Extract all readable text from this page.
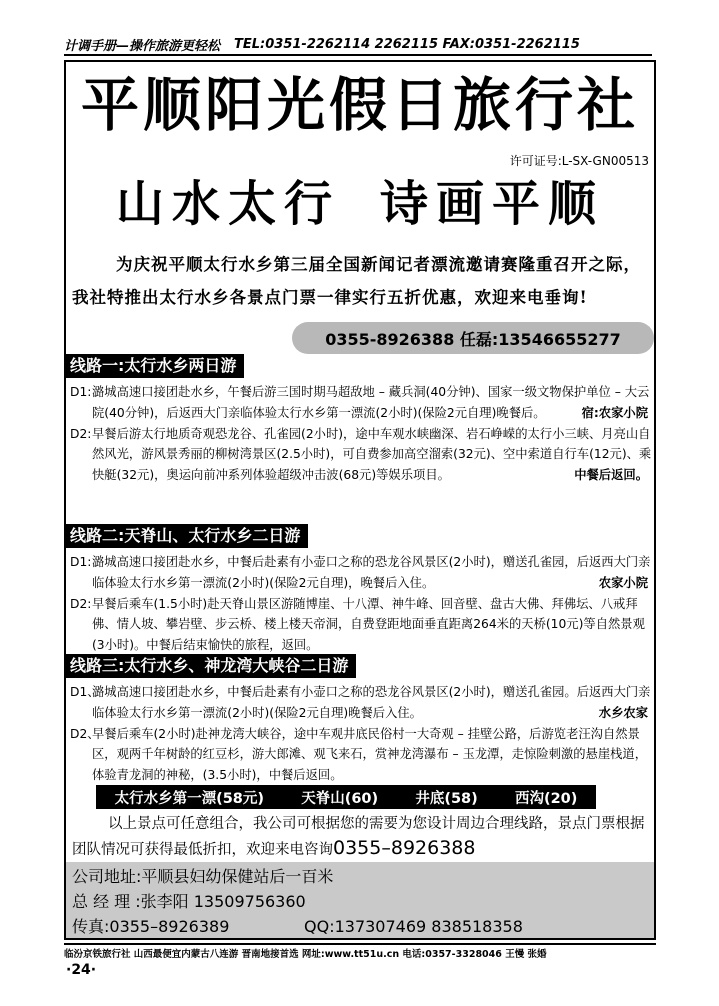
计调手册—操作旅游更轻松 TEL:0351-2262114 2262115 FAX:0351-2262115
平顺阳光假日旅行社
许可证号:L-SX-GN00513
山水太行 诗画平顺
为庆祝平顺太行水乡第三届全国新闻记者漂流邀请赛隆重召开之际，我社特推出太行水乡各景点门票一律实行五折优惠，欢迎来电垂询!
0355-8926388 任磊:13546655277
线路一:太行水乡两日游
D1: 潞城高速口接团赴水乡，午餐后游三国时期马超敌地 – 藏兵洞(40分钟)、国家一级文物保护单位 – 大云院(40分钟)，后返西大门亲临体验太行水乡第一漂流(2小时)(保险2元自理)晚餐后。	宿:农家小院
D2: 早餐后游太行地质奇观恐龙谷、孔雀园(2小时)，途中车观水峡幽深、岩石峥嵘的太行小三峡、月亮山自然风光，游风景秀丽的柳树湾景区(2.5小时)，可自费参加高空溜索(32元)、空中索道自行车(12元)、乘快艇(32元)，奥运向前冲系列体验超级冲击波(68元)等娱乐项目。	中餐后返回。
线路二:天脊山、太行水乡二日游
D1: 潞城高速口接团赴水乡，中餐后赴素有小壶口之称的恐龙谷风景区(2小时)，赠送孔雀园，后返西大门亲临体验太行水乡第一漂流(2小时)(保险2元自理)，晚餐后入住。	农家小院
D2: 早餐后乘车(1.5小时)赴天脊山景区游随博崖、十八潭、神牛峰、回音壁、盘古大佛、拜佛坛、八戒拜佛、情人坡、攀岩壁、步云桥、楼上楼天帝洞，自费登距地面垂直距离264米的天桥(10元)等自然景观(3小时)。中餐后结束愉快的旅程，返回。
线路三:太行水乡、神龙湾大峡谷二日游
D1、
潞城高速口接团赴水乡，中餐后赴素有小壶口之称的恐龙谷风景区(2小时)，赠送孔雀园。后返西大门亲临体验太行水乡第一漂流(2小时)(保险2元自理)晚餐后入住。	水乡农家
D2、
早餐后乘车(2小时)赴神龙湾大峡谷，途中车观井底民俗村一大奇观 – 挂壁公路，后游览老汪沟自然景区，观两千年树龄的红豆杉，游大郎滩、观飞来石，赏神龙湾瀑布 – 玉龙潭，走惊险刺激的悬崖栈道，体验青龙洞的神秘，(3.5小时)，中餐后返回。
太行水乡第一漂(58元)	天脊山(60)	井底(58)	西沟(20)
以上景点可任意组合，我公司可根据您的需要为您设计周边合理线路，景点门票根据团队情况可获得最低折扣，欢迎来电咨询0355–8926388
公司地址:平顺县妇幼保健站后一百米
总 经 理 :张李阳 13509756360
传真:0355–8926389	QQ:137307469 838518358
临汾京铁旅行社 山西最便宜内蒙古八连游 晋南地接首选 网址:www.tt51u.cn 电话:0357-3328046 王慢 张婚
·24·
